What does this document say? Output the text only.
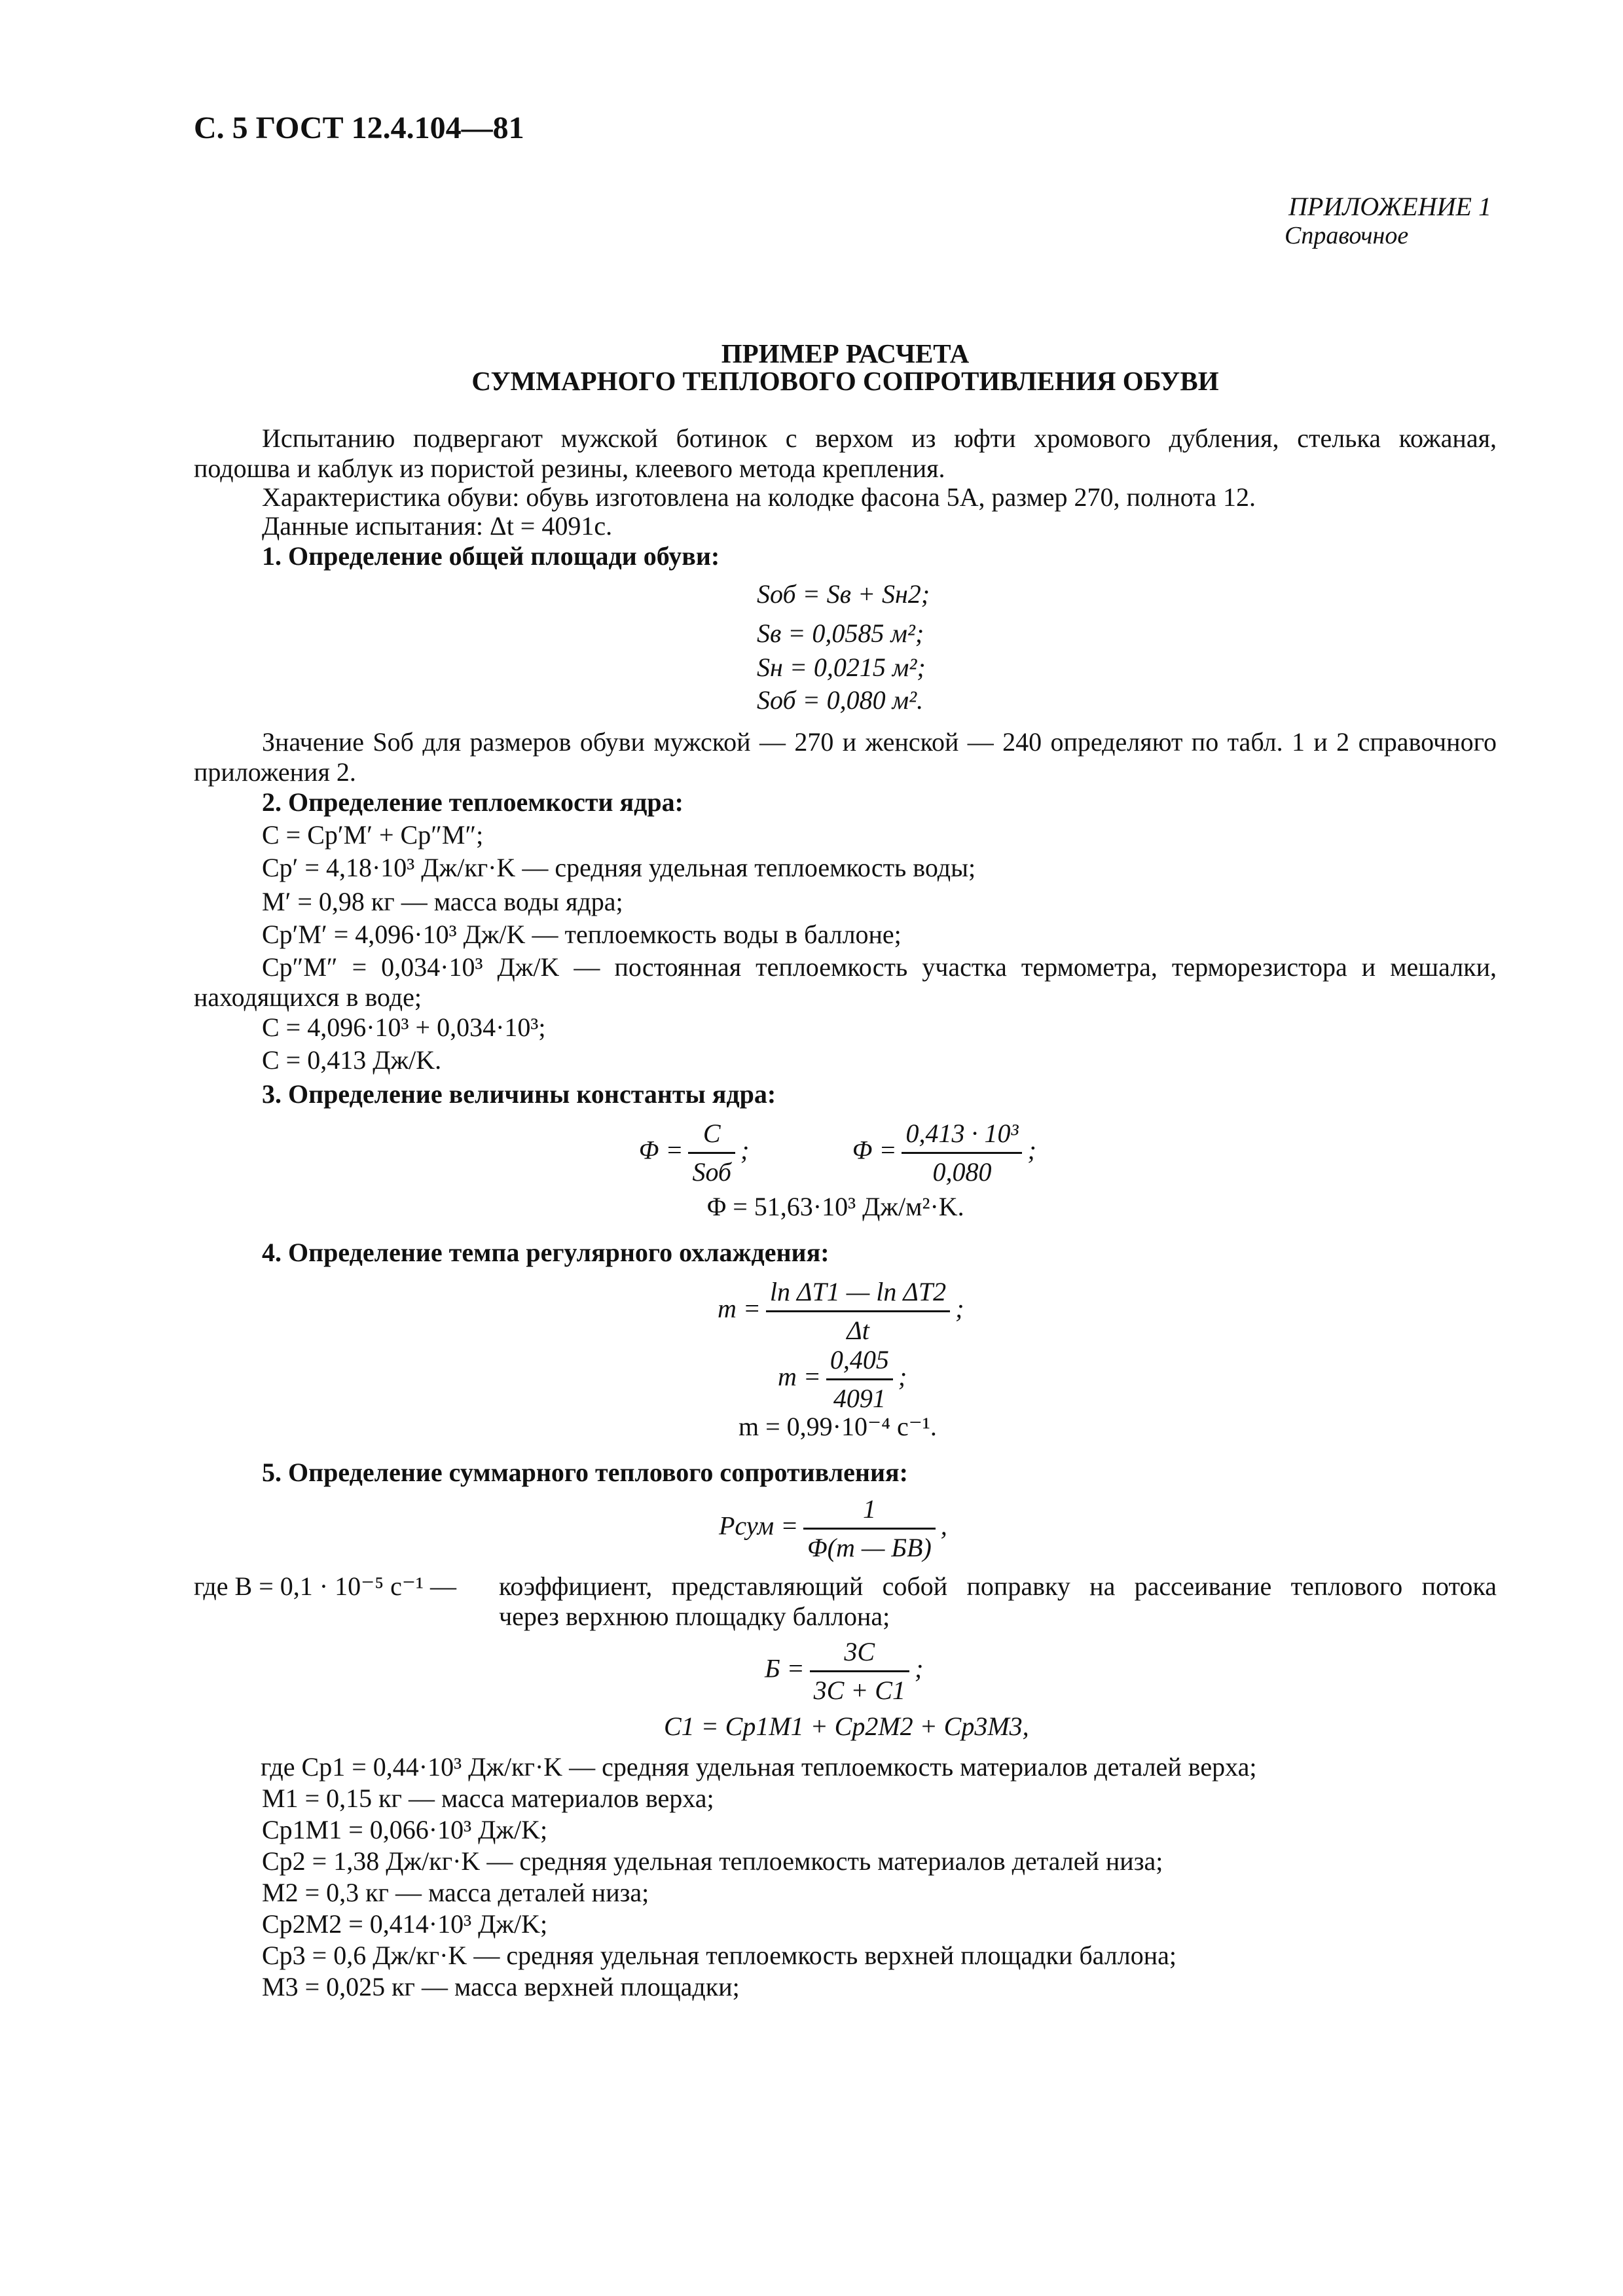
С. 5 ГОСТ 12.4.104—81
ПРИЛОЖЕНИЕ 1
Справочное
ПРИМЕР РАСЧЕТА
СУММАРНОГО ТЕПЛОВОГО СОПРОТИВЛЕНИЯ ОБУВИ
Испытанию подвергают мужской ботинок с верхом из юфти хромового дубления, стелька кожаная,
подошва и каблук из пористой резины, клеевого метода крепления.
Характеристика обуви: обувь изготовлена на колодке фасона 5А, размер 270, полнота 12.
Данные испытания: Δt = 4091с.
1. Определение общей площади обуви:
Sоб = Sв + Sн2;
Sв = 0,0585 м²;
Sн = 0,0215 м²;
Sоб = 0,080 м².
Значение Sоб для размеров обуви мужской — 270 и женской — 240 определяют по табл. 1 и 2 справочного
приложения 2.
2. Определение теплоемкости ядра:
C = Cp′M′ + Cp″M″;
Cp′ = 4,18·10³ Дж/кг·K — средняя удельная теплоемкость воды;
M′ = 0,98 кг — масса воды ядра;
Cp′M′ = 4,096·10³ Дж/K — теплоемкость воды в баллоне;
Cp″M″ = 0,034·10³ Дж/K — постоянная теплоемкость участка термометра, терморезистора и мешалки,
находящихся в воде;
C = 4,096·10³ + 0,034·10³;
C = 0,413 Дж/K.
3. Определение величины константы ядра:
$\Phi = \frac{C}{\text{Sоб}}$ ;	$\Phi = \frac{\text{0,413 · 10³}}{0,080}$ ;
Φ = 51,63·10³ Дж/м²·K.
4. Определение темпа регулярного охлаждения:
$m = \frac{\text{ln ΔT1 — ln ΔT2}}{\Delta t}$ ;
$m = \frac{0,405}{4091}$ ;
m = 0,99·10⁻⁴ c⁻¹.
5. Определение суммарного теплового сопротивления:
Pсум = $\frac{1}{\Phi(m — БВ)}$ ,
где B = 0,1 · 10⁻⁵ c⁻¹ — коэффициент, представляющий собой поправку на рассеивание теплового потока
через верхнюю площадку баллона;
$Б = \frac{3C}{3C + C1}$ ;
C1 = Cp1M1 + Cp2M2 + Cp3M3,
где Cp1 = 0,44·10³ Дж/кг·K — средняя удельная теплоемкость материалов деталей верха;
M1 = 0,15 кг — масса материалов верха;
Cp1M1 = 0,066·10³ Дж/K;
Cp2 = 1,38 Дж/кг·K — средняя удельная теплоемкость материалов деталей низа;
M2 = 0,3 кг — масса деталей низа;
Cp2M2 = 0,414·10³ Дж/K;
Cp3 = 0,6 Дж/кг·K — средняя удельная теплоемкость верхней площадки баллона;
M3 = 0,025 кг — масса верхней площадки;
